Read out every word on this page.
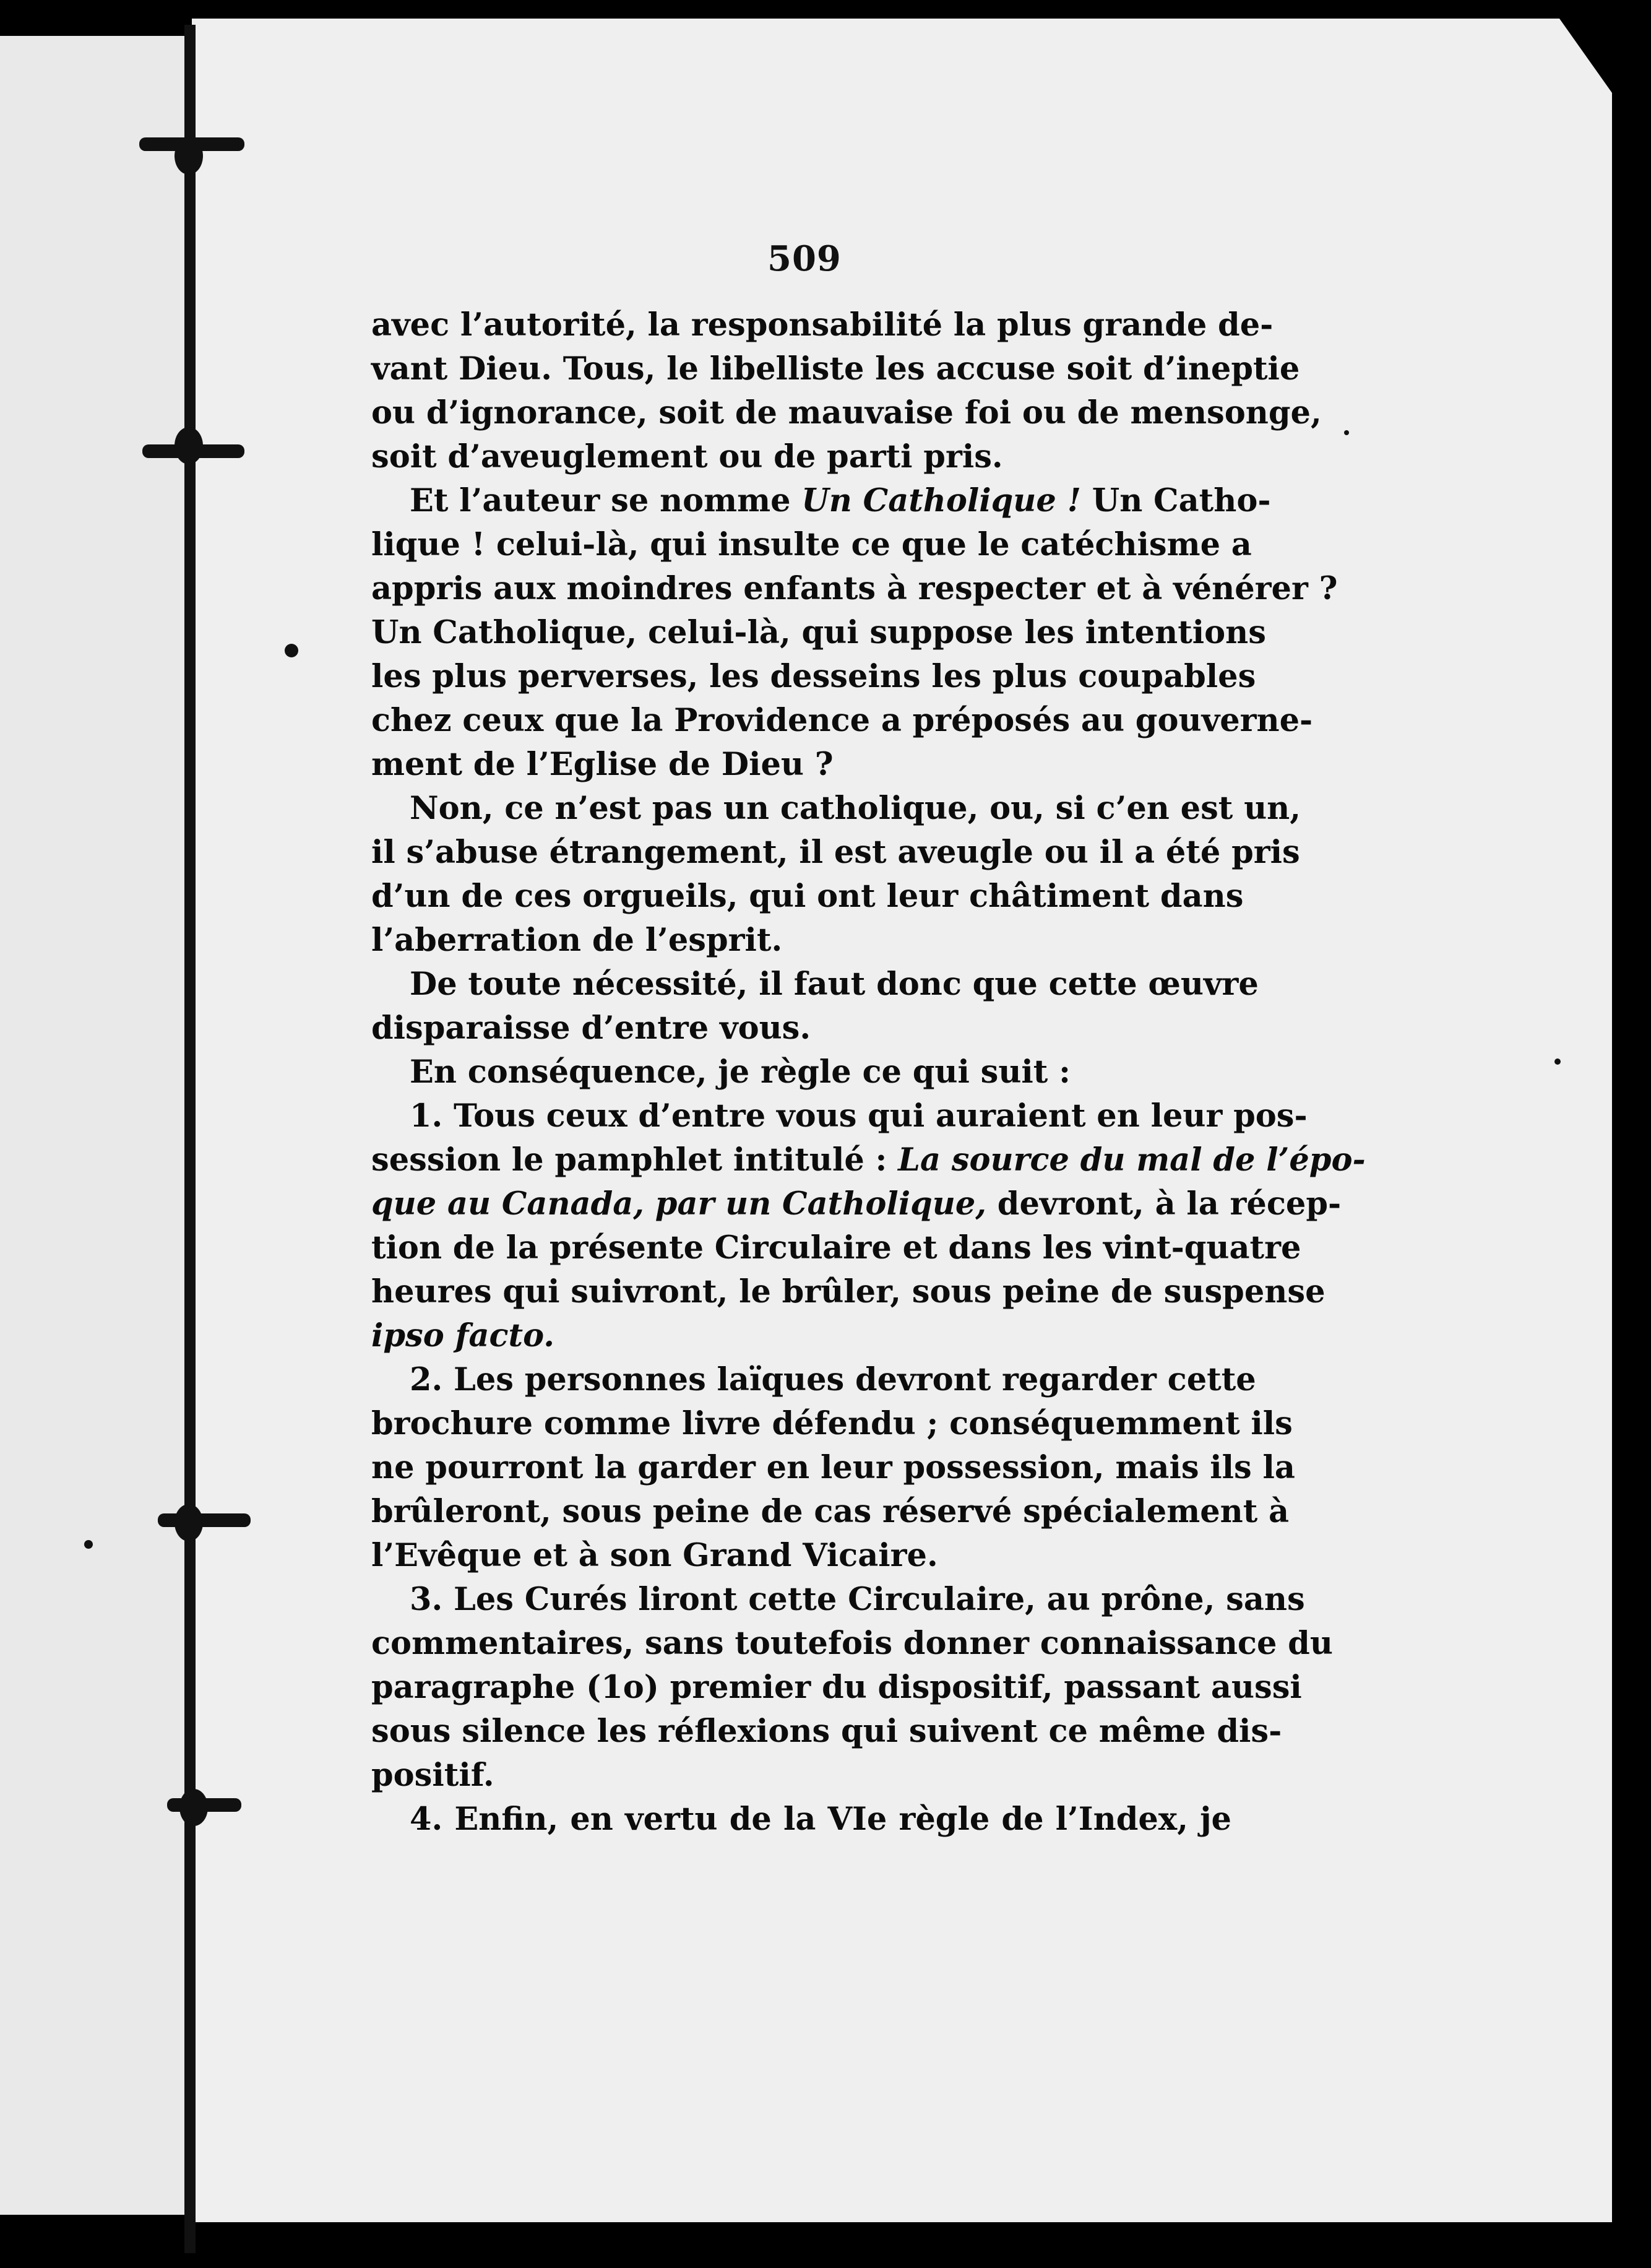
509
avec l’autorité, la responsabilité la plus grande de-
vant Dieu. Tous, le libelliste les accuse soit d’ineptie
ou d’ignorance, soit de mauvaise foi ou de mensonge,
soit d’aveuglement ou de parti pris.
Et l’auteur se nomme Un Catholique ! Un Catho-
lique ! celui-là, qui insulte ce que le catéchisme a
appris aux moindres enfants à respecter et à vénérer ?
Un Catholique, celui-là, qui suppose les intentions
les plus perverses, les desseins les plus coupables
chez ceux que la Providence a préposés au gouverne-
ment de l’Eglise de Dieu ?
Non, ce n’est pas un catholique, ou, si c’en est un,
il s’abuse étrangement, il est aveugle ou il a été pris
d’un de ces orgueils, qui ont leur châtiment dans
l’aberration de l’esprit.
De toute nécessité, il faut donc que cette œuvre
disparaisse d’entre vous.
En conséquence, je règle ce qui suit :
1. Tous ceux d’entre vous qui auraient en leur pos-
session le pamphlet intitulé : La source du mal de l’épo-
que au Canada, par un Catholique, devront, à la récep-
tion de la présente Circulaire et dans les vint-quatre
heures qui suivront, le brûler, sous peine de suspense
ipso facto.
2. Les personnes laïques devront regarder cette
brochure comme livre défendu ; conséquemment ils
ne pourront la garder en leur possession, mais ils la
brûleront, sous peine de cas réservé spécialement à
l’Evêque et à son Grand Vicaire.
3. Les Curés liront cette Circulaire, au prône, sans
commentaires, sans toutefois donner connaissance du
paragraphe (1o) premier du dispositif, passant aussi
sous silence les réflexions qui suivent ce même dis-
positif.
4. Enfin, en vertu de la VIe règle de l’Index, je
